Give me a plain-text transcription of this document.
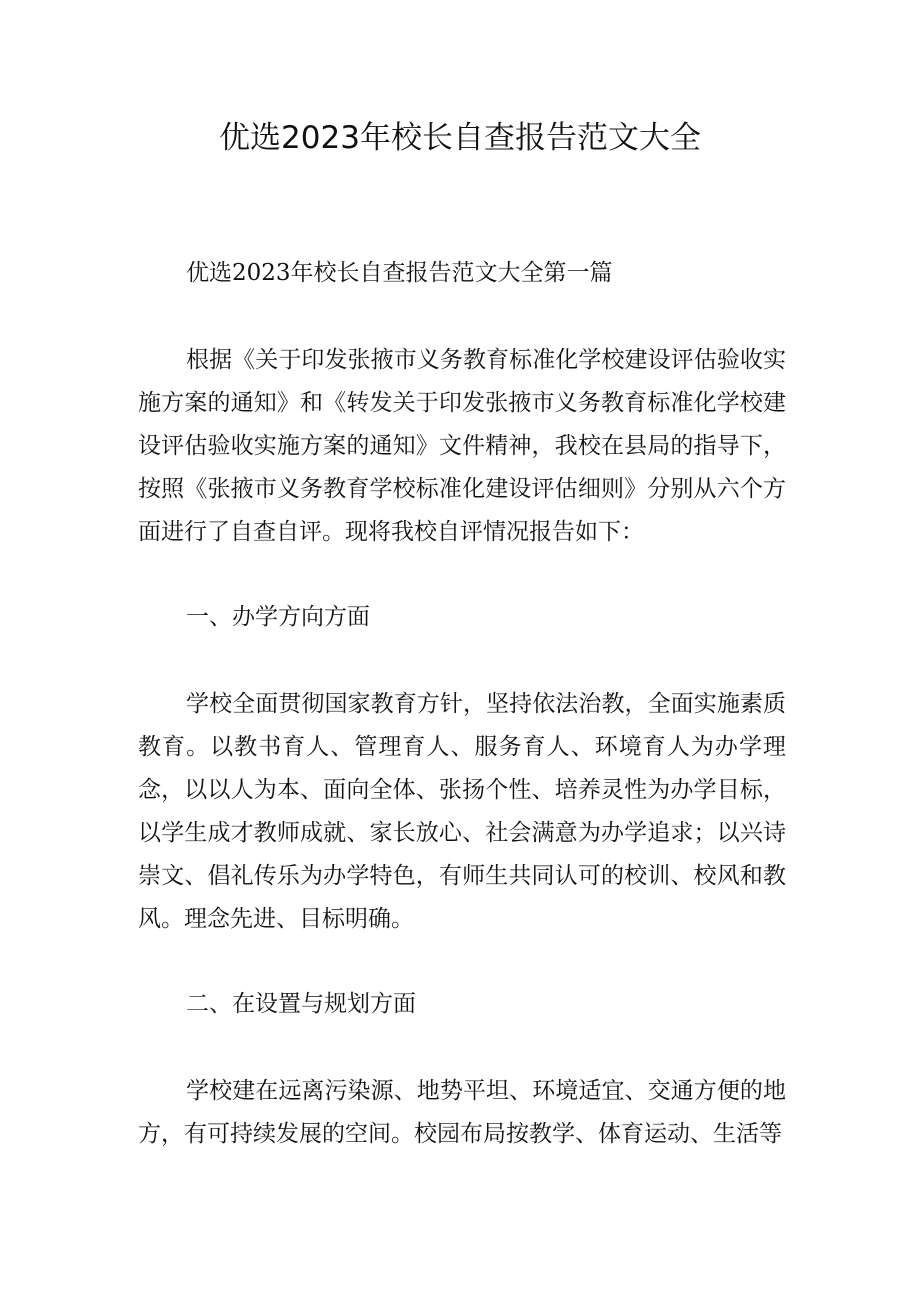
优选2023年校长自查报告范文大全

优选2023年校长自查报告范文大全第一篇

根据《关于印发张掖市义务教育标准化学校建设评估验收实施方案的通知》和《转发关于印发张掖市义务教育标准化学校建设评估验收实施方案的通知》文件精神，我校在县局的指导下，按照《张掖市义务教育学校标准化建设评估细则》分别从六个方面进行了自查自评。现将我校自评情况报告如下：

一、办学方向方面

学校全面贯彻国家教育方针，坚持依法治教，全面实施素质教育。以教书育人、管理育人、服务育人、环境育人为办学理念，以以人为本、面向全体、张扬个性、培养灵性为办学目标，以学生成才教师成就、家长放心、社会满意为办学追求；以兴诗崇文、倡礼传乐为办学特色，有师生共同认可的校训、校风和教风。理念先进、目标明确。

二、在设置与规划方面

学校建在远离污染源、地势平坦、环境适宜、交通方便的地方，有可持续发展的空间。校园布局按教学、体育运动、生活等
